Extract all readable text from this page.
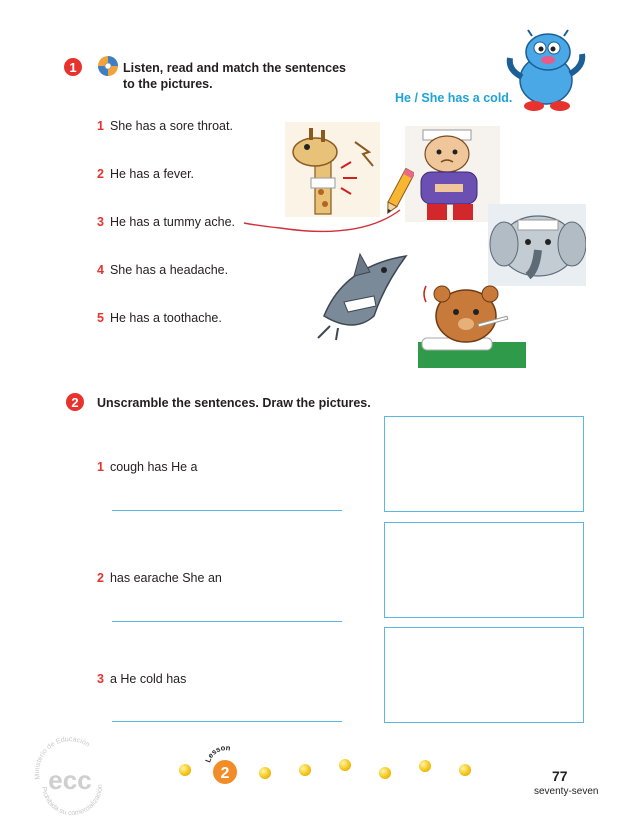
1	Listen, read and match the sentences
to the pictures.
He / She has a cold.
1 She has a sore throat.
2 He has a fever.
3 He has a tummy ache.
4 She has a headache.
5 He has a toothache.
2 Unscramble the sentences. Draw the pictures.
1 cough has He a
2 has earache She an
3 a He cold has
Ministerio de Educación
Prohibida su comercialización
ecc
Lesson
2	77
seventy-seven
